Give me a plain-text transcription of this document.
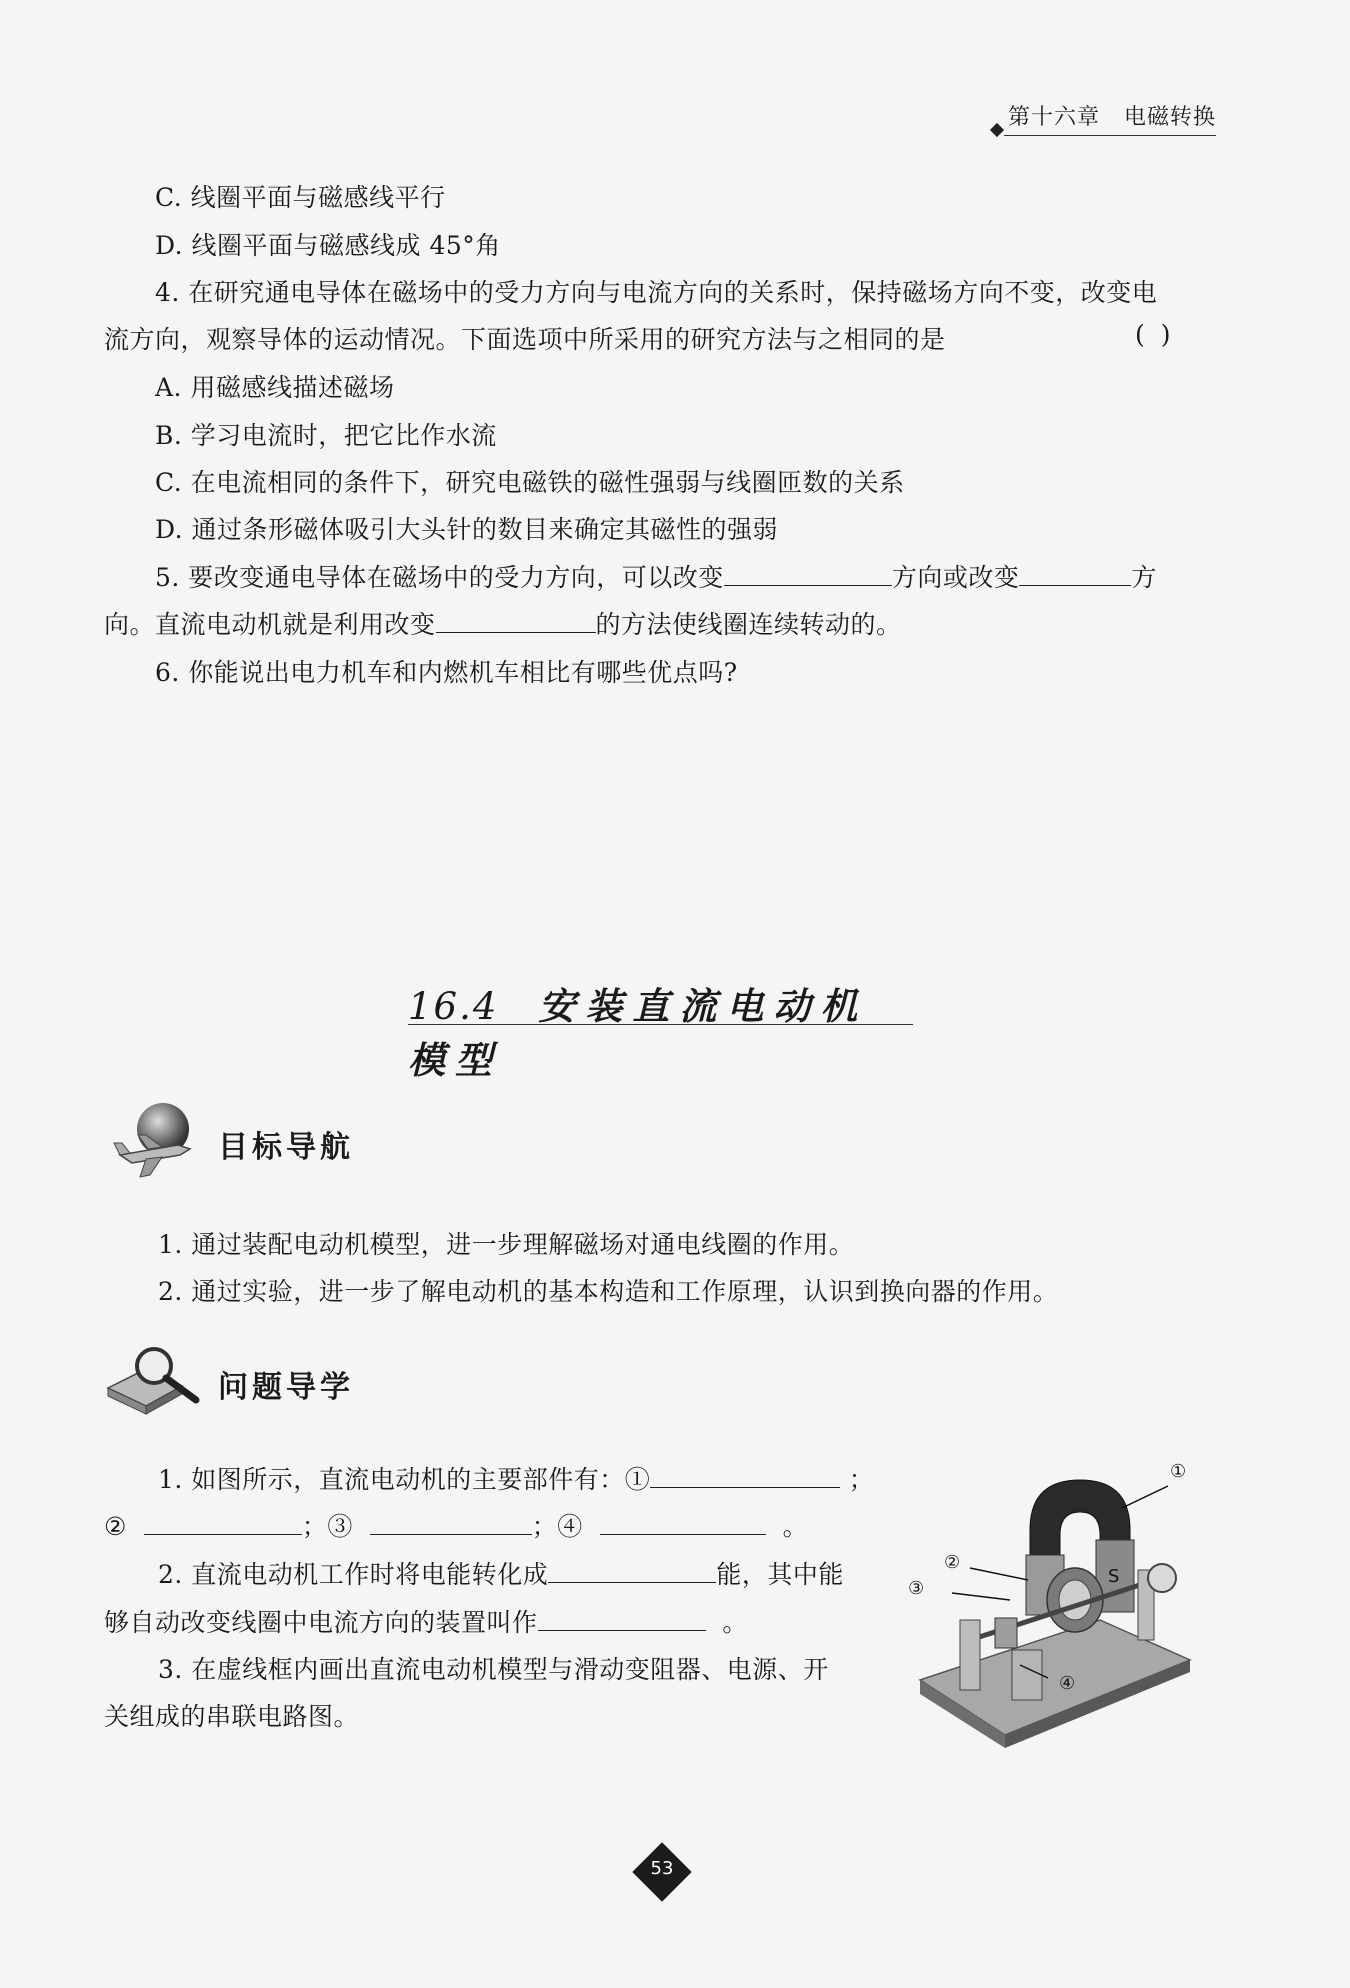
第十六章 电磁转换
C. 线圈平面与磁感线平行
D. 线圈平面与磁感线成 45°角
4. 在研究通电导体在磁场中的受力方向与电流方向的关系时，保持磁场方向不变，改变电
流方向，观察导体的运动情况。下面选项中所采用的研究方法与之相同的是	( )
A. 用磁感线描述磁场
B. 学习电流时，把它比作水流
C. 在电流相同的条件下，研究电磁铁的磁性强弱与线圈匝数的关系
D. 通过条形磁体吸引大头针的数目来确定其磁性的强弱
5. 要改变通电导体在磁场中的受力方向，可以改变	方向或改变	方
向。直流电动机就是利用改变	的方法使线圈连续转动的。
6. 你能说出电力机车和内燃机车相比有哪些优点吗?
16.4 安装直流电动机模型
目标导航
1. 通过装配电动机模型，进一步理解磁场对通电线圈的作用。
2. 通过实验，进一步了解电动机的基本构造和工作原理，认识到换向器的作用。
问题导学
1. 如图所示，直流电动机的主要部件有：①	；
②	；③	；④	。
2. 直流电动机工作时将电能转化成	能，其中能
够自动改变线圈中电流方向的装置叫作	。
3. 在虚线框内画出直流电动机模型与滑动变阻器、电源、开
关组成的串联电路图。
S
①
②
③
④
53
